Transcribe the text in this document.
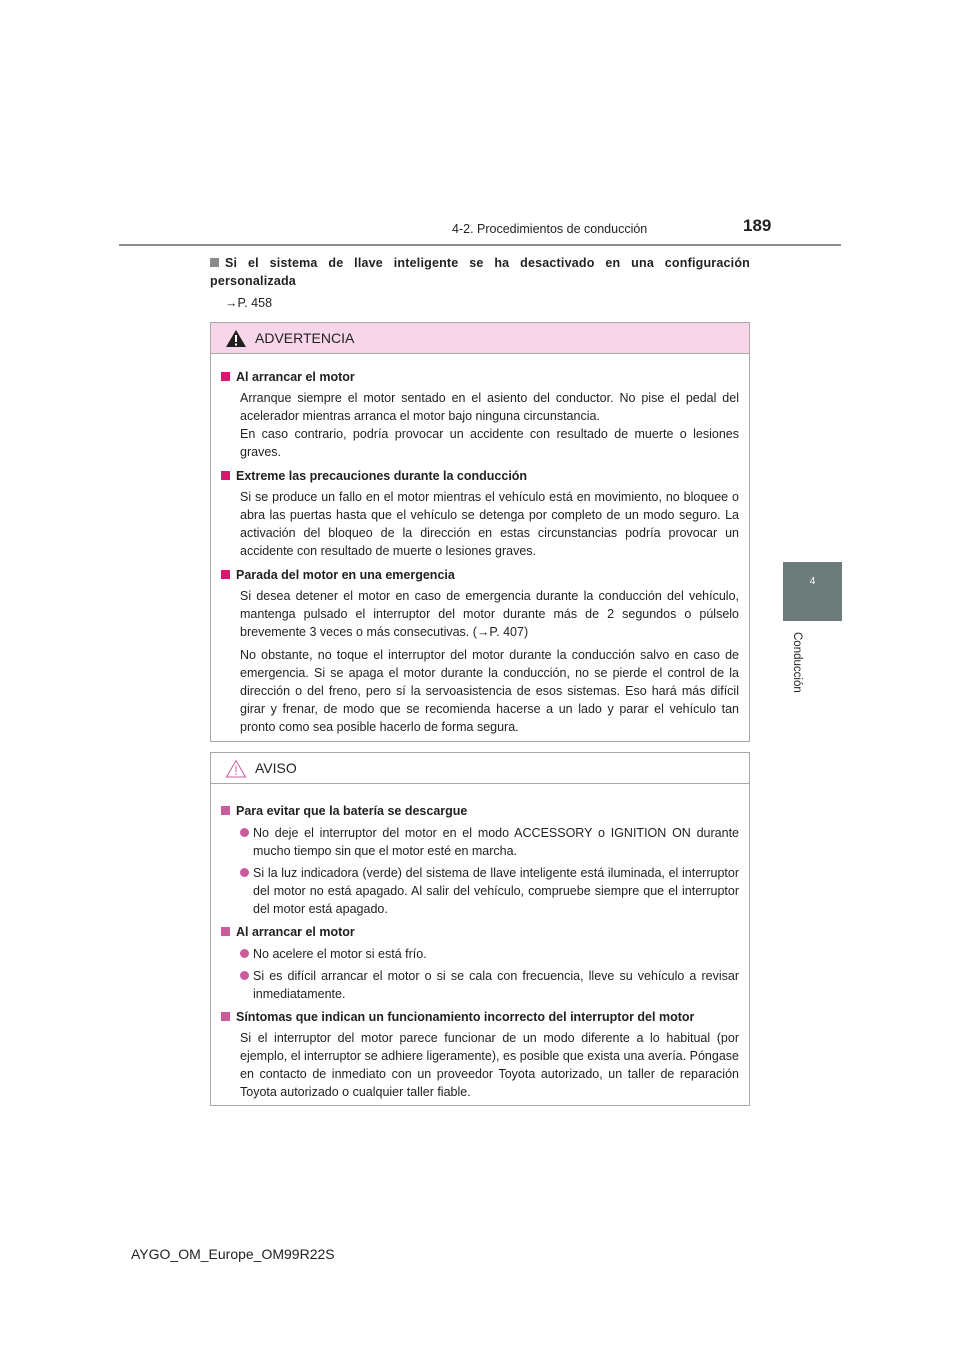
4-2. Procedimientos de conducción	189
4
Conducción
Si el sistema de llave inteligente se ha desactivado en una configuración personalizada
→P. 458
ADVERTENCIA
Al arrancar el motor
Arranque siempre el motor sentado en el asiento del conductor. No pise el pedal del acelerador mientras arranca el motor bajo ninguna circunstancia.
En caso contrario, podría provocar un accidente con resultado de muerte o lesiones graves.
Extreme las precauciones durante la conducción
Si se produce un fallo en el motor mientras el vehículo está en movimiento, no bloquee o abra las puertas hasta que el vehículo se detenga por completo de un modo seguro. La activación del bloqueo de la dirección en estas circunstancias podría provocar un accidente con resultado de muerte o lesiones graves.
Parada del motor en una emergencia
Si desea detener el motor en caso de emergencia durante la conducción del vehículo, mantenga pulsado el interruptor del motor durante más de 2 segundos o púlselo brevemente 3 veces o más consecutivas. (→P. 407)
No obstante, no toque el interruptor del motor durante la conducción salvo en caso de emergencia. Si se apaga el motor durante la conducción, no se pierde el control de la dirección o del freno, pero sí la servoasistencia de esos sistemas. Eso hará más difícil girar y frenar, de modo que se recomienda hacerse a un lado y parar el vehículo tan pronto como sea posible hacerlo de forma segura.
AVISO
Para evitar que la batería se descargue
No deje el interruptor del motor en el modo ACCESSORY o IGNITION ON durante mucho tiempo sin que el motor esté en marcha.
Si la luz indicadora (verde) del sistema de llave inteligente está iluminada, el interruptor del motor no está apagado. Al salir del vehículo, compruebe siempre que el interruptor del motor está apagado.
Al arrancar el motor
No acelere el motor si está frío.
Si es difícil arrancar el motor o si se cala con frecuencia, lleve su vehículo a revisar inmediatamente.
Síntomas que indican un funcionamiento incorrecto del interruptor del motor
Si el interruptor del motor parece funcionar de un modo diferente a lo habitual (por ejemplo, el interruptor se adhiere ligeramente), es posible que exista una avería. Póngase en contacto de inmediato con un proveedor Toyota autorizado, un taller de reparación Toyota autorizado o cualquier taller fiable.
AYGO_OM_Europe_OM99R22S
